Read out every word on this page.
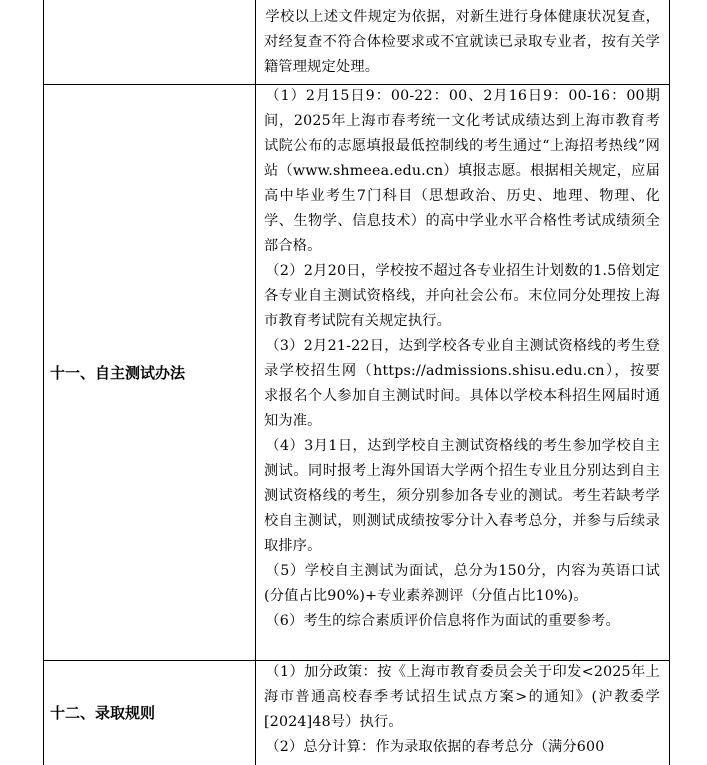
学校以上述文件规定为依据，对新生进行身体健康状况复查，对经复查不符合体检要求或不宜就读已录取专业者，按有关学籍管理规定处理。

十一、自主测试办法

（1）2月15日9：00-22：00、2月16日9：00-16：00期间，2025年上海市春考统一文化考试成绩达到上海市教育考试院公布的志愿填报最低控制线的考生通过“上海招考热线”网站（www.shmeea.edu.cn）填报志愿。根据相关规定，应届高中毕业考生7门科目（思想政治、历史、地理、物理、化学、生物学、信息技术）的高中学业水平合格性考试成绩须全部合格。

（2）2月20日，学校按不超过各专业招生计划数的1.5倍划定各专业自主测试资格线，并向社会公布。末位同分处理按上海市教育考试院有关规定执行。

（3）2月21-22日，达到学校各专业自主测试资格线的考生登录学校招生网（https://admissions.shisu.edu.cn），按要求报名个人参加自主测试时间。具体以学校本科招生网届时通知为准。

（4）3月1日，达到学校自主测试资格线的考生参加学校自主测试。同时报考上海外国语大学两个招生专业且分别达到自主测试资格线的考生，须分别参加各专业的测试。考生若缺考学校自主测试，则测试成绩按零分计入春考总分，并参与后续录取排序。

（5）学校自主测试为面试，总分为150分，内容为英语口试(分值占比90%)+专业素养测评（分值占比10%)。

（6）考生的综合素质评价信息将作为面试的重要参考。

十二、录取规则

（1）加分政策：按《上海市教育委员会关于印发<2025年上海市普通高校春季考试招生试点方案>的通知》(沪教委学[2024]48号）执行。

（2）总分计算：作为录取依据的春考总分（满分600
